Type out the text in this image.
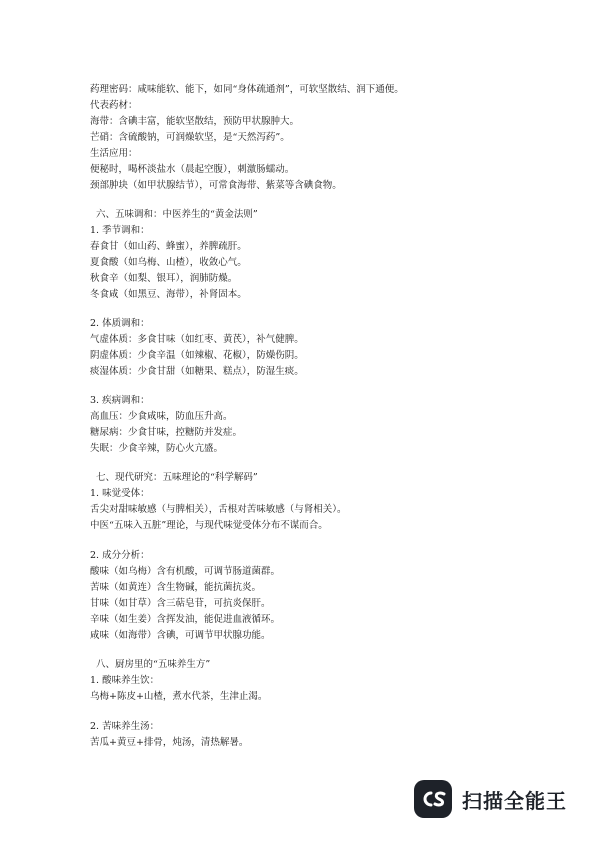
药理密码：咸味能软、能下，如同“身体疏通剂”，可软坚散结、润下通便。

代表药材：

海带：含碘丰富，能软坚散结，预防甲状腺肿大。

芒硝：含硫酸钠，可润燥软坚，是“天然泻药”。

生活应用：

便秘时，喝杯淡盐水（晨起空腹），刺激肠蠕动。

颈部肿块（如甲状腺结节），可常食海带、紫菜等含碘食物。

六、五味调和：中医养生的“黄金法则”

1. 季节调和：

春食甘（如山药、蜂蜜），养脾疏肝。

夏食酸（如乌梅、山楂），收敛心气。

秋食辛（如梨、银耳），润肺防燥。

冬食咸（如黑豆、海带），补肾固本。

2. 体质调和：

气虚体质：多食甘味（如红枣、黄芪），补气健脾。

阴虚体质：少食辛温（如辣椒、花椒），防燥伤阴。

痰湿体质：少食甘甜（如糖果、糕点），防湿生痰。

3. 疾病调和：

高血压：少食咸味，防血压升高。

糖尿病：少食甘味，控糖防并发症。

失眠：少食辛辣，防心火亢盛。

七、现代研究：五味理论的“科学解码”

1. 味觉受体：

舌尖对甜味敏感（与脾相关），舌根对苦味敏感（与肾相关）。

中医“五味入五脏”理论，与现代味觉受体分布不谋而合。

2. 成分分析：

酸味（如乌梅）含有机酸，可调节肠道菌群。

苦味（如黄连）含生物碱，能抗菌抗炎。

甘味（如甘草）含三萜皂苷，可抗炎保肝。

辛味（如生姜）含挥发油，能促进血液循环。

咸味（如海带）含碘，可调节甲状腺功能。

八、厨房里的“五味养生方”

1. 酸味养生饮：

乌梅+陈皮+山楂，煮水代茶，生津止渴。

2. 苦味养生汤：

苦瓜+黄豆+排骨，炖汤，清热解暑。

扫描全能王
